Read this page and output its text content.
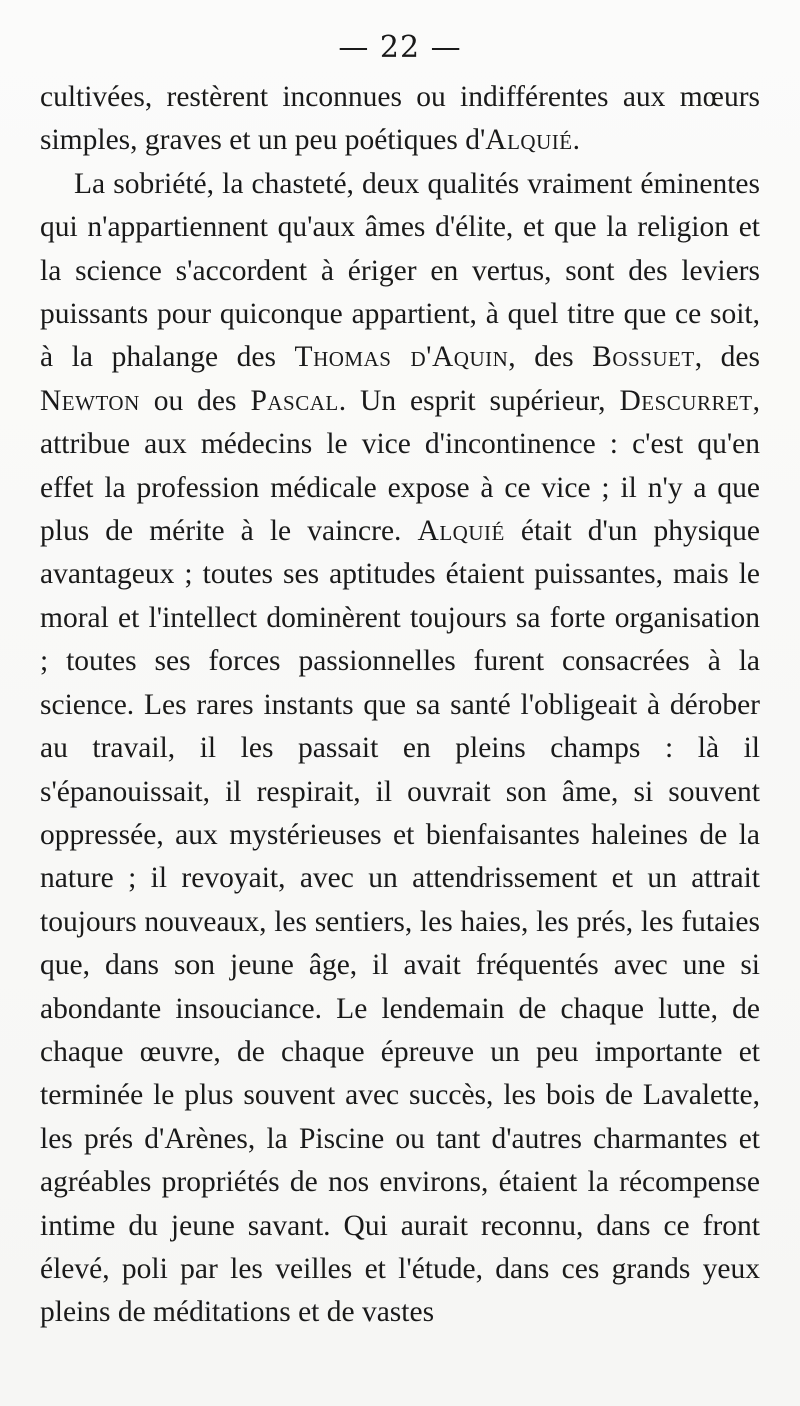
— 22 —

cultivées, restèrent inconnues ou indifférentes aux mœurs simples, graves et un peu poétiques d'Alquié.

La sobriété, la chasteté, deux qualités vraiment éminentes qui n'appartiennent qu'aux âmes d'élite, et que la religion et la science s'accordent à ériger en vertus, sont des leviers puissants pour quiconque appartient, à quel titre que ce soit, à la phalange des Thomas d'Aquin, des Bossuet, des Newton ou des Pascal. Un esprit supérieur, Descurret, attribue aux médecins le vice d'incontinence : c'est qu'en effet la profession médicale expose à ce vice ; il n'y a que plus de mérite à le vaincre. Alquié était d'un physique avantageux ; toutes ses aptitudes étaient puissantes, mais le moral et l'intellect dominèrent toujours sa forte organisation ; toutes ses forces passionnelles furent consacrées à la science. Les rares instants que sa santé l'obligeait à dérober au travail, il les passait en pleins champs : là il s'épanouissait, il respirait, il ouvrait son âme, si souvent oppressée, aux mystérieuses et bienfaisantes haleines de la nature ; il revoyait, avec un attendrissement et un attrait toujours nouveaux, les sentiers, les haies, les prés, les futaies que, dans son jeune âge, il avait fréquentés avec une si abondante insouciance. Le lendemain de chaque lutte, de chaque œuvre, de chaque épreuve un peu importante et terminée le plus souvent avec succès, les bois de Lavalette, les prés d'Arènes, la Piscine ou tant d'autres charmantes et agréables propriétés de nos environs, étaient la récompense intime du jeune savant. Qui aurait reconnu, dans ce front élevé, poli par les veilles et l'étude, dans ces grands yeux pleins de méditations et de vastes
